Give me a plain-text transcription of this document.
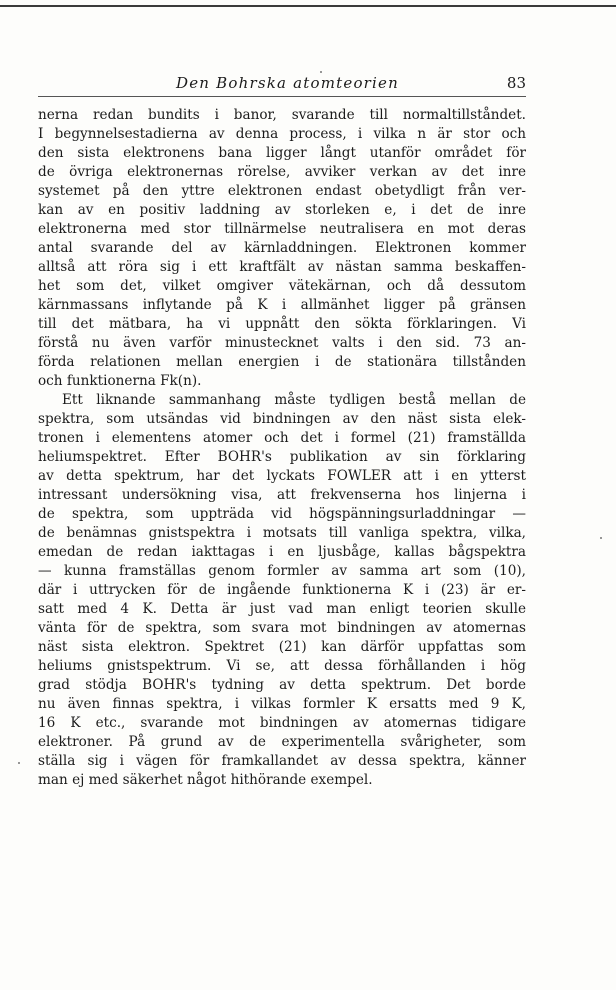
Den Bohrska atomteorien	83
nerna redan bundits i banor, svarande till normaltillståndet.
I begynnelsestadierna av denna process, i vilka n är stor och
den sista elektronens bana ligger långt utanför området för
de övriga elektronernas rörelse, avviker verkan av det inre
systemet på den yttre elektronen endast obetydligt från ver-
kan av en positiv laddning av storleken e, i det de inre
elektronerna med stor tillnärmelse neutralisera en mot deras
antal svarande del av kärnladdningen. Elektronen kommer
alltså att röra sig i ett kraftfält av nästan samma beskaffen-
het som det, vilket omgiver vätekärnan, och då dessutom
kärnmassans inflytande på K i allmänhet ligger på gränsen
till det mätbara, ha vi uppnått den sökta förklaringen. Vi
förstå nu även varför minustecknet valts i den sid. 73 an-
förda relationen mellan energien i de stationära tillstånden
och funktionerna Fk(n).
Ett liknande sammanhang måste tydligen bestå mellan de
spektra, som utsändas vid bindningen av den näst sista elek-
tronen i elementens atomer och det i formel (21) framställda
heliumspektret. Efter BOHR's publikation av sin förklaring
av detta spektrum, har det lyckats FOWLER att i en ytterst
intressant undersökning visa, att frekvenserna hos linjerna i
de spektra, som uppträda vid högspänningsurladdningar —
de benämnas gnistspektra i motsats till vanliga spektra, vilka,
emedan de redan iakttagas i en ljusbåge, kallas bågspektra
— kunna framställas genom formler av samma art som (10),
där i uttrycken för de ingående funktionerna K i (23) är er-
satt med 4 K. Detta är just vad man enligt teorien skulle
vänta för de spektra, som svara mot bindningen av atomernas
näst sista elektron. Spektret (21) kan därför uppfattas som
heliums gnistspektrum. Vi se, att dessa förhållanden i hög
grad stödja BOHR's tydning av detta spektrum. Det borde
nu även finnas spektra, i vilkas formler K ersatts med 9 K,
16 K etc., svarande mot bindningen av atomernas tidigare
elektroner. På grund av de experimentella svårigheter, som
ställa sig i vägen för framkallandet av dessa spektra, känner
man ej med säkerhet något hithörande exempel.
